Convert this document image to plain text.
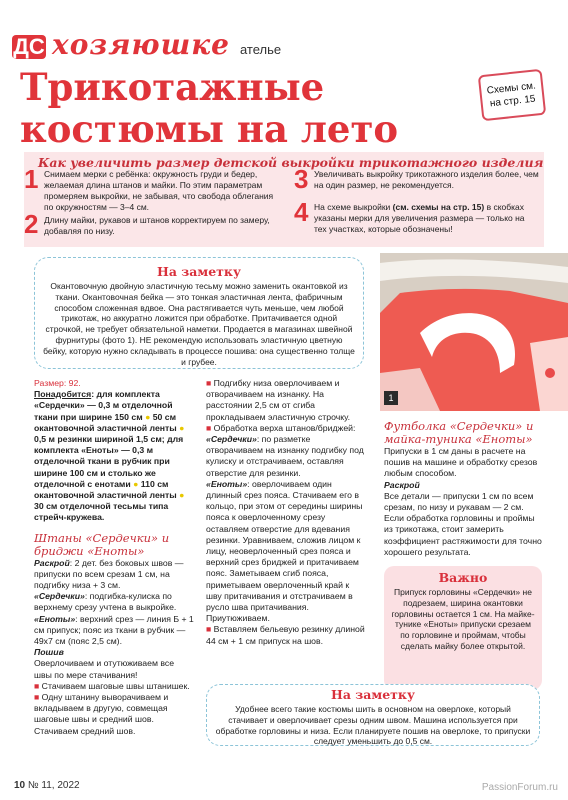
ДС хозяюшке ателье
Трикотажные
костюмы на лето
Схемы см. на стр. 15
Как увеличить размер детской выкройки трикотажного изделия
1 Снимаем мерки с ребёнка: окружность груди и бедер, желаемая длина штанов и майки. По этим параметрам промеряем выкройки, не забывая, что свобода облегания по окружностям — 3–4 см.
2 Длину майки, рукавов и штанов корректируем по замеру, добавляя по низу.
3 Увеличивать выкройку трикотажного изделия более, чем на один размер, не рекомендуется.
4 На схеме выкройки (см. схемы на стр. 15) в скобках указаны мерки для увеличения размера — только на тех участках, которые обозначены!
На заметку
Окантовочную двойную эластичную тесьму можно заменить окантовкой из ткани. Окантовочная бейка — это тонкая эластичная лента, фабричным способом сложенная вдвое. Она растягивается чуть меньше, чем любой трикотаж, но аккуратно ложится при обработке. Притачивается одной строчкой, не требует обязательной наметки. Продается в магазинах швейной фурнитуры (фото 1). НЕ рекомендую использовать эластичную цветную бейку, которую нужно складывать в процессе пошива: она существенно толще и грубее.
1

Размер: 92.

Понадобится: для комплекта «Сердечки» — 0,3 м отделочной ткани при ширине 150 см ● 50 см окантовочной эластичной ленты ● 0,5 м резинки шириной 1,5 см; для комплекта «Еноты» — 0,3 м отделочной ткани в рубчик при ширине 100 см и столько же отделочной с енотами ● 110 см окантовочной эластичной ленты ● 30 см отделочной тесьмы типа стрейч-кружева.

Штаны «Сердечки» и бриджи «Еноты»

Раскрой: 2 дет. без боковых швов — припуски по всем срезам 1 см, на подгибку низа + 3 см.

«Сердечки»: подгибка-кулиска по верхнему срезу учтена в выкройке.

«Еноты»: верхний срез — линия Б + 1 см припуск; пояс из ткани в рубчик — 49х7 см (пояс 2,5 см).

Пошив

Оверлочиваем и отутюживаем все швы по мере стачивания!

■ Стачиваем шаговые швы штанишек.

■ Одну штанину выворачиваем и вкладываем в другую, совмещая шаговые швы и средний шов. Стачиваем средний шов.

■ Подгибку низа оверлочиваем и отворачиваем на изнанку. На расстоянии 2,5 см от сгиба прокладываем эластичную строчку.

■ Обработка верха штанов/бриджей:

«Сердечки»: по разметке отворачиваем на изнанку подгибку под кулиску и отстрачиваем, оставляя отверстие для резинки.

«Еноты»: оверлочиваем один длинный срез пояса. Стачиваем его в кольцо, при этом от середины ширины пояса к оверлоченному срезу оставляем отверстие для вдевания резинки. Уравниваем, сложив лицом к лицу, неоверлоченный срез пояса и верхний срез бриджей и притачиваем пояс. Заметываем сгиб пояса, приметываем оверлоченный край к шву притачивания и отстрачиваем в русло шва притачивания. Приутюживаем.

■ Вставляем бельевую резинку длиной 44 см + 1 см припуск на шов.

Футболка «Сердечки» и майка-туника «Еноты»

Припуски в 1 см даны в расчете на пошив на машине и обработку срезов любым способом.

Раскрой

Все детали — припуски 1 см по всем срезам, по низу и рукавам — 2 см. Если обработка горловины и проймы из трикотажа, стоит замерить коэффициент растяжимости для точно хорошего результата.

Важно
Припуск горловины «Сердечки» не подрезаем, ширина окантовки горловины остается 1 см. На майке-тунике «Еноты» припуски срезаем по горловине и проймам, чтобы сделать майку более открытой.
На заметку
Удобнее всего такие костюмы шить в основном на оверлоке, который стачивает и оверлочивает срезы одним швом. Машина используется при обработке горловины и низа. Если планируете пошив на оверлоке, то припуски следует уменьшить до 0,5 см.
10 № 11, 2022	PassionForum.ru
